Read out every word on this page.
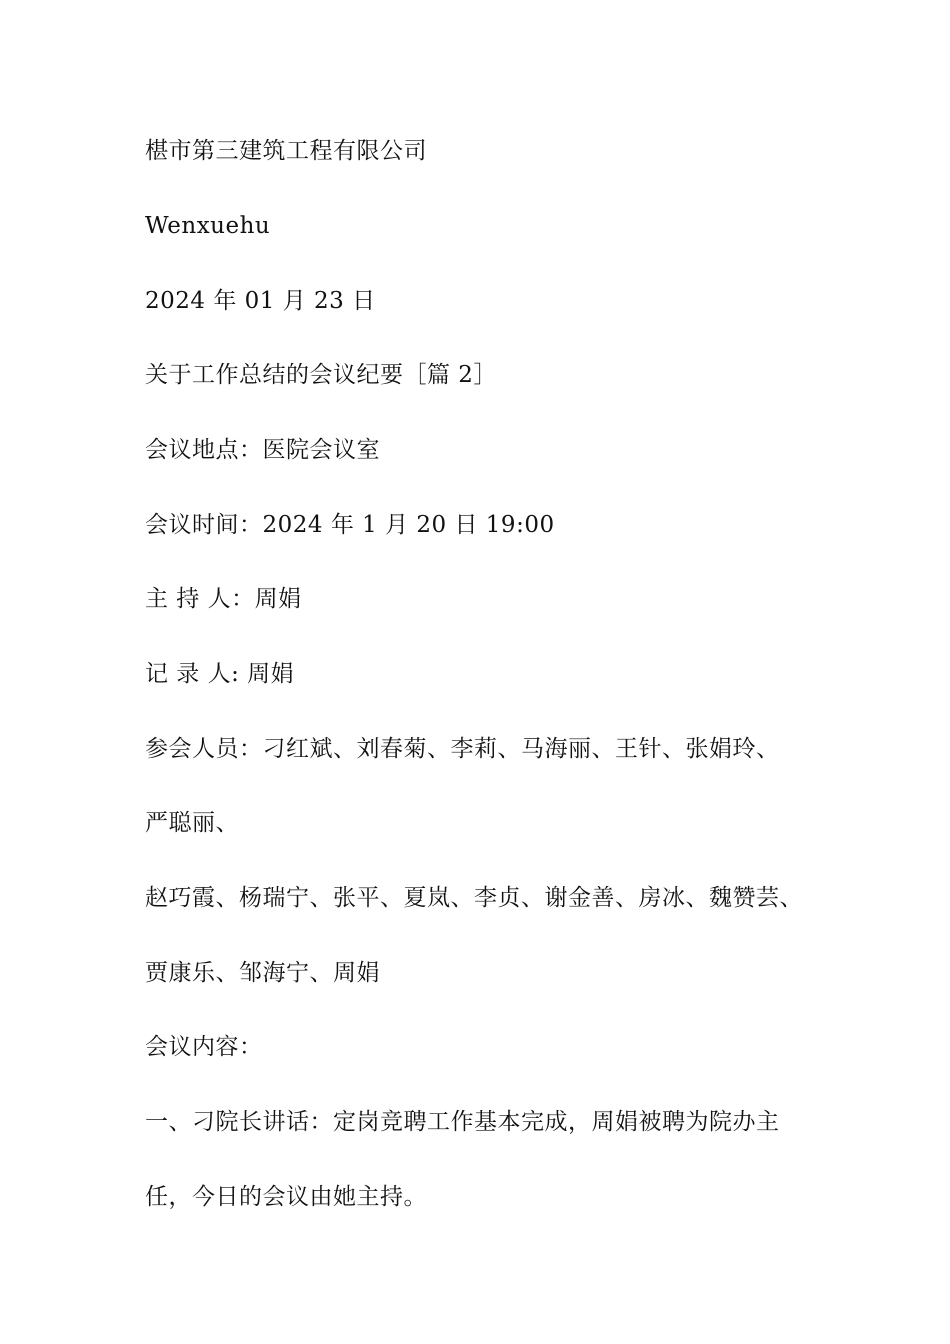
椹市第三建筑工程有限公司
Wenxuehu
2024 年 01 月 23 日
关于工作总结的会议纪要［篇 2］
会议地点：医院会议室
会议时间：2024 年 1 月 20 日 19:00
主 持 人：周娟
记 录 人: 周娟
参会人员：刁红斌、刘春菊、李莉、马海丽、王针、张娟玲、
严聪丽、
赵巧霞、杨瑞宁、张平、夏岚、李贞、谢金善、房冰、魏赞芸、
贾康乐、邹海宁、周娟
会议内容：
一、刁院长讲话：定岗竞聘工作基本完成，周娟被聘为院办主
任，今日的会议由她主持。
